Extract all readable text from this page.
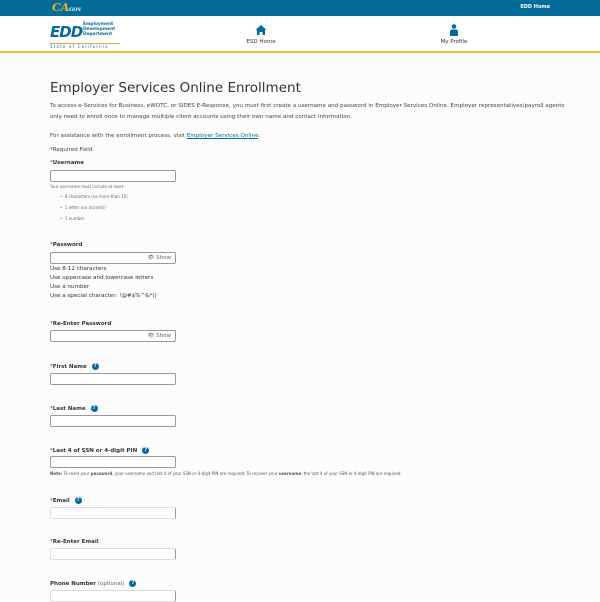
CA.GOV	EDD Home
EDD Employment
Development
Department
State of California
ESD Home	My Profile
Employer Services Online Enrollment
To access e-Services for Business, eWOTC, or SIDES E-Response, you must first create a username and password in Employer Services Online. Employer representatives/payroll agents only need to enroll once to manage multiple client accounts using their own name and contact information.
For assistance with the enrollment process, visit Employer Services Online.
*Required Field
*Username
Your username must include at least:
•  8 characters (no more than 15)
•  1 letter (no accents)
•  1 number
*Password
👁 Show
Use 8-12 characters
Use uppercase and lowercase letters
Use a number
Use a special character: !@#$%^&*()
*Re-Enter Password
👁 Show
*First Name ?
*Last Name ?
*Last 4 of SSN or 4-digit PIN ?
Note: To reset your password, your username and last 4 of your SSN or 4-digit PIN are required. To recover your username, the last 4 of your SSN or 4-digit PIN are required.
*Email ?
*Re-Enter Email
Phone Number (optional) ?
